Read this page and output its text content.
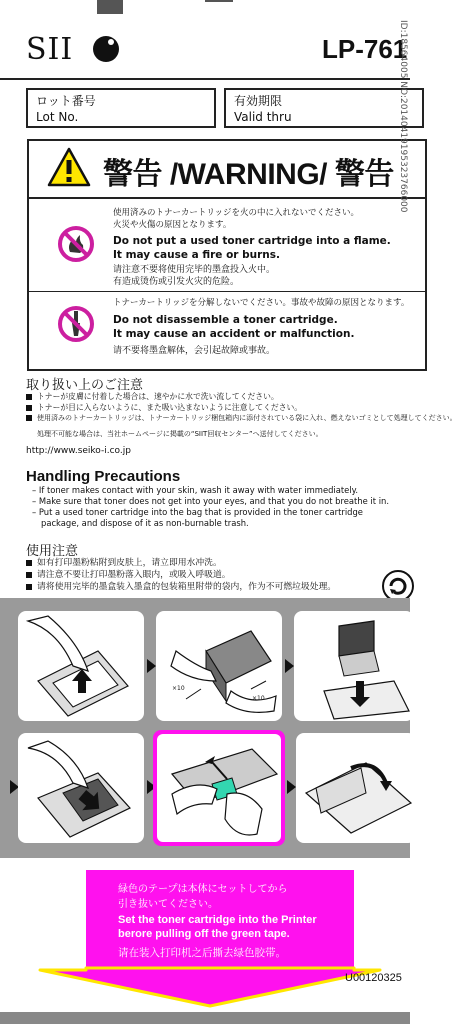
SII	LP-761
ロット番号
Lot No.
有効期限
Valid thru
警告 /WARNING/ 警告
使用済みのトナーカートリッジを火の中に入れないでください。
火災や火傷の原因となります。
Do not put a used toner cartridge into a flame.
It may cause a fire or burns.
请注意不要将使用完毕的墨盒投入火中。
有造成烫伤或引发火灾的危险。
トナーカートリッジを分解しないでください。事故や故障の原因となります。
Do not disassemble a toner cartridge.
It may cause an accident or malfunction.
请不要将墨盒解体，会引起故障或事故。
取り扱い上のご注意
トナーが皮膚に付着した場合は、速やかに水で洗い流してください。
トナーが目に入らないように、また吸い込まないように注意してください。
使用済みのトナーカートリッジは、トナーカートリッジ梱包箱内に添付されている袋に入れ、燃えないゴミとして処理してください。
処理不可能な場合は、当社ホームページに掲載の“SIIT回収センター”へ送付してください。
http://www.seiko-i.co.jp
Handling Precautions
– If toner makes contact with your skin, wash it away with water immediately.
– Make sure that toner does not get into your eyes, and that you do not breathe it in.
– Put a used toner cartridge into the bag that is provided in the toner cartridge
package, and dispose of it as non-burnable trash.
使用注意
如有打印墨粉粘附到皮肤上，请立即用水冲洗。
请注意不要让打印墨粉落入眼内，或吸入呼吸道。
请将使用完毕的墨盒装入墨盒的包装箱里附带的袋内，作为不可燃垃圾处理。
×10
×10
緑色のテープは本体にセットしてから
引き抜いてください。
Set the toner cartridge into the Printer
berore pulling off the green tape.
请在装入打印机之后撕去绿色胶带。
U00120325
ID:18564005 NO:20140419195323766000
